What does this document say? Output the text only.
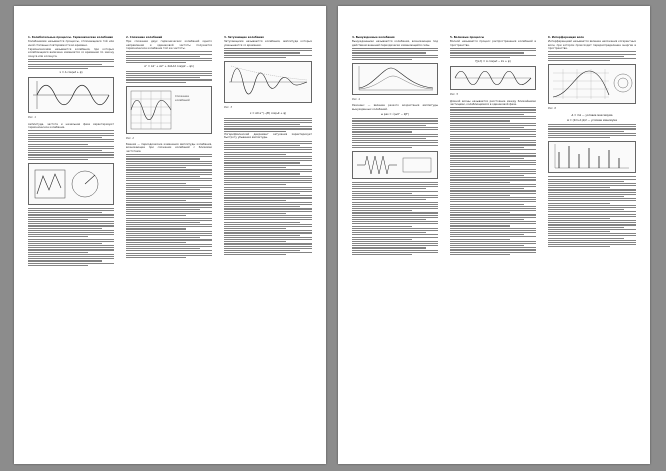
1. Колебательные процессы. Гармонические колебания
Колебаниями называются процессы, отличающиеся той или иной степенью повторяемости во времени.
Гармоническими называются колебания, при которых колеблющаяся величина изменяется со временем по закону синуса или косинуса.
x = A cos(ωt + φ)
Рис. 1
Амплитуда, частота и начальная фаза характеризуют гармоническое колебание.
2. Сложение колебаний
При сложении двух гармонических колебаний одного направления и одинаковой частоты получается гармоническое колебание той же частоты.
A² = A1² + A2² + 2A1A2 cos(φ2 − φ1)
Сложение
колебаний
Рис. 2
Биения — периодические изменения амплитуды колебания, возникающие при сложении колебаний с близкими частотами.
3. Затухающие колебания
Затухающими называются колебания, амплитуда которых уменьшается со временем.
Рис. 3
x = A0 e^(−βt) cos(ωt + φ)
Логарифмический декремент затухания характеризует быстроту убывания амплитуды.
4. Вынужденные колебания
Вынужденными называются колебания, возникающие под действием внешней периодически изменяющейся силы.
Рис. 4
Резонанс — явление резкого возрастания амплитуды вынужденных колебаний.
ω рез = √(ω0² − 2β²)
5. Волновые процессы
Волной называется процесс распространения колебаний в пространстве.
ξ(x,t) = A cos(ωt − kx + φ)
Рис. 5
Длиной волны называется расстояние между ближайшими частицами, колеблющимися в одинаковой фазе.
6. Интерференция волн
Интерференцией называется явление наложения когерентных волн, при котором происходит перераспределение энергии в пространстве.
Рис. 6
Δ = mλ — условие максимума
Δ = (2m+1)λ/2 — условие минимума
